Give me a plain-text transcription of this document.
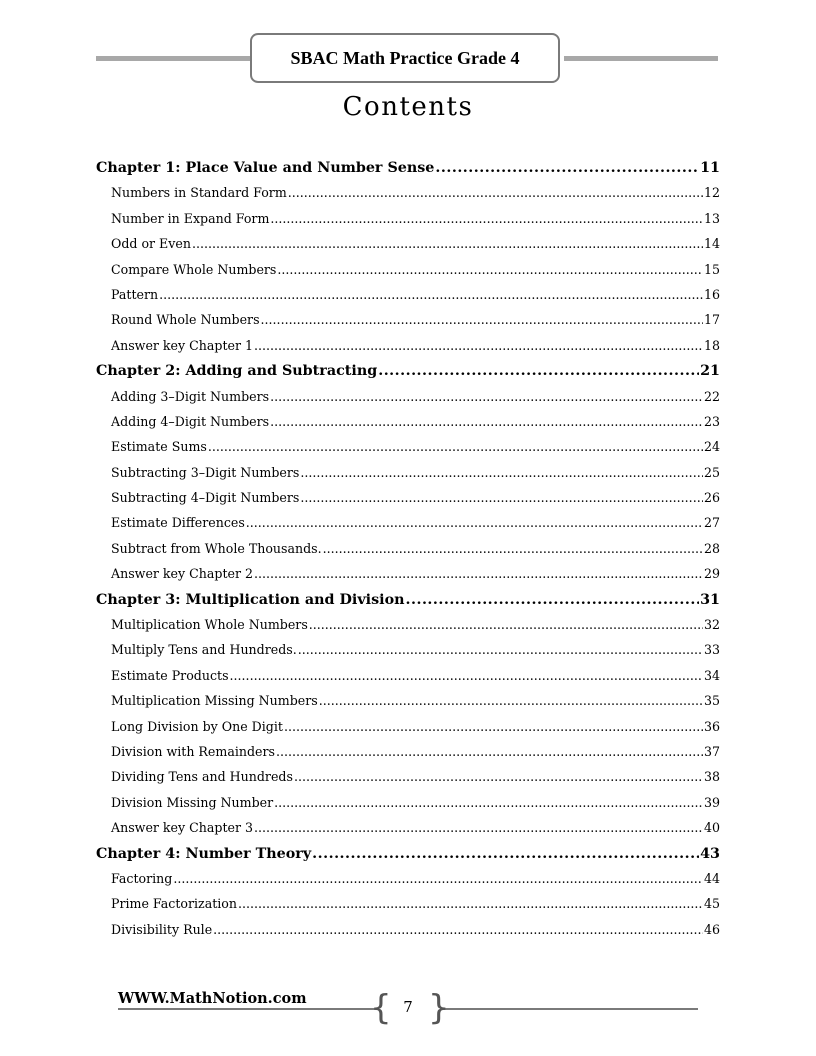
SBAC Math Practice Grade 4
Contents
Chapter 1: Place Value and Number Sense .....	11
Numbers in Standard Form .....	12
Number in Expand Form .....	13
Odd or Even .....	14
Compare Whole Numbers .....	15
Pattern .....	16
Round Whole Numbers .....	17
Answer key Chapter 1 .....	18
Chapter 2: Adding and Subtracting .....	21
Adding 3–Digit Numbers .....	22
Adding 4–Digit Numbers .....	23
Estimate Sums .....	24
Subtracting 3–Digit Numbers .....	25
Subtracting 4–Digit Numbers .....	26
Estimate Differences .....	27
Subtract from Whole Thousands. .....	28
Answer key Chapter 2 .....	29
Chapter 3: Multiplication and Division .....	31
Multiplication Whole Numbers .....	32
Multiply Tens and Hundreds. .....	33
Estimate Products .....	34
Multiplication Missing Numbers .....	35
Long Division by One Digit .....	36
Division with Remainders .....	37
Dividing Tens and Hundreds .....	38
Division Missing Number .....	39
Answer key Chapter 3 .....	40
Chapter 4: Number Theory .....	43
Factoring .....	44
Prime Factorization .....	45
Divisibility Rule .....	46
WWW.MathNotion.com { }
7
